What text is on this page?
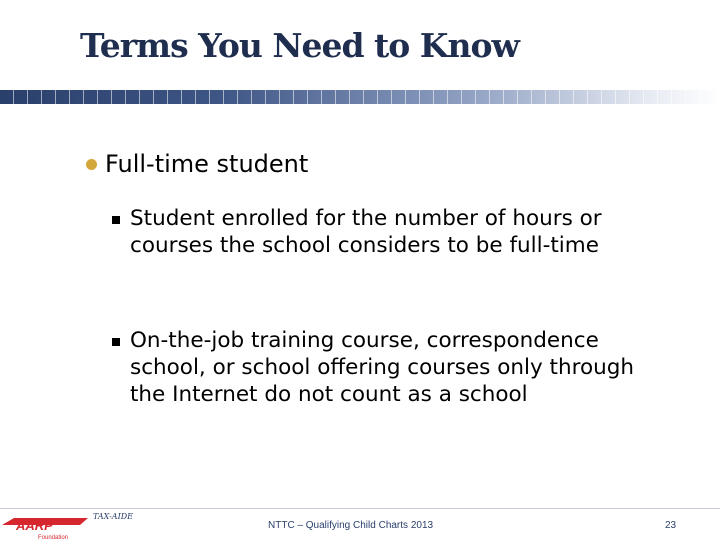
Terms You Need to Know
Full-time student
Student enrolled for the number of hours or courses the school considers to be full-time
On-the-job training course, correspondence school, or school offering courses only through the Internet do not count as a school
AARP
Foundation
TAX-AIDE
NTTC – Qualifying Child Charts 2013	23
